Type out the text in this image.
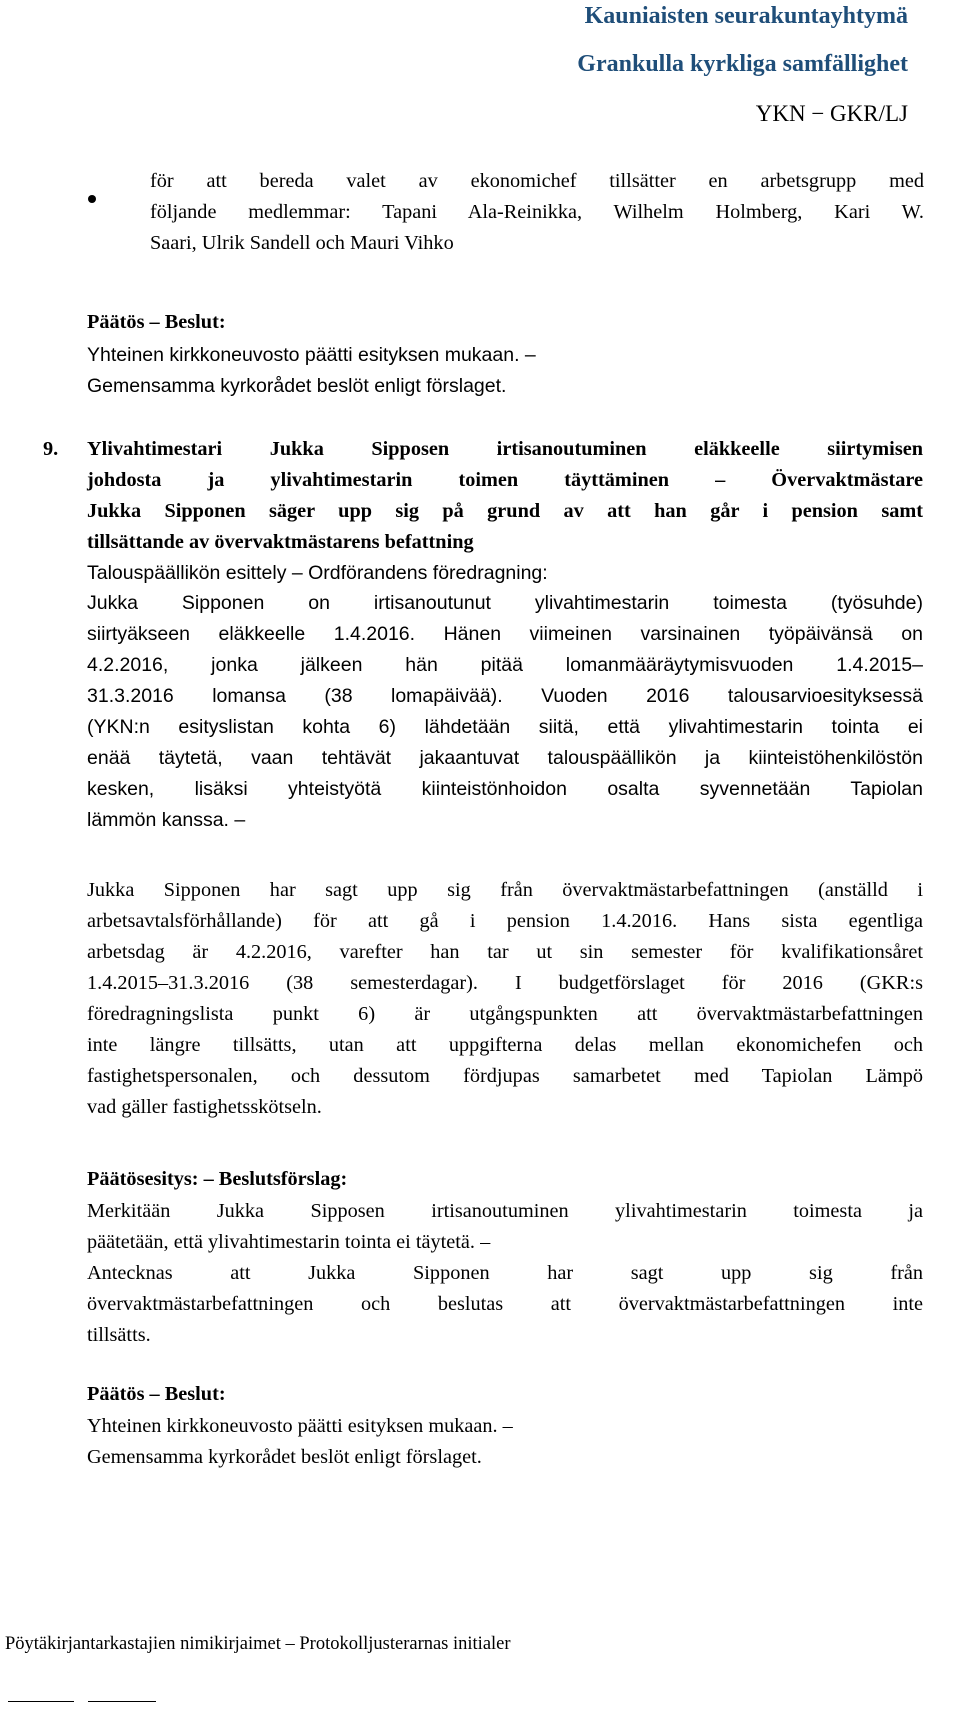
Kauniaisten seurakuntayhtymä
Grankulla kyrkliga samfällighet
YKN − GKR/LJ
för att bereda valet av ekonomichef tillsätter en arbetsgrupp med
följande medlemmar: Tapani Ala-Reinikka, Wilhelm Holmberg, Kari W.
Saari, Ulrik Sandell och Mauri Vihko
Päätös – Beslut:
Yhteinen kirkkoneuvosto päätti esityksen mukaan. –
Gemensamma kyrkorådet beslöt enligt förslaget.
9. Ylivahtimestari Jukka Sipposen irtisanoutuminen eläkkeelle siirtymisen
johdosta ja ylivahtimestarin toimen täyttäminen – Övervaktmästare
Jukka Sipponen säger upp sig på grund av att han går i pension samt
tillsättande av övervaktmästarens befattning
Talouspäällikön esittely – Ordförandens föredragning:
Jukka Sipponen on irtisanoutunut ylivahtimestarin toimesta (työsuhde)
siirtyäkseen eläkkeelle 1.4.2016. Hänen viimeinen varsinainen työpäivänsä on
4.2.2016, jonka jälkeen hän pitää lomanmääräytymisvuoden 1.4.2015–
31.3.2016 lomansa (38 lomapäivää). Vuoden 2016 talousarvioesityksessä
(YKN:n esityslistan kohta 6) lähdetään siitä, että ylivahtimestarin tointa ei
enää täytetä, vaan tehtävät jakaantuvat talouspäällikön ja kiinteistöhenkilöstön
kesken, lisäksi yhteistyötä kiinteistönhoidon osalta syvennetään Tapiolan
lämmön kanssa. –
Jukka Sipponen har sagt upp sig från övervaktmästarbefattningen (anställd i
arbetsavtalsförhållande) för att gå i pension 1.4.2016. Hans sista egentliga
arbetsdag är 4.2.2016, varefter han tar ut sin semester för kvalifikationsåret
1.4.2015–31.3.2016 (38 semesterdagar). I budgetförslaget för 2016 (GKR:s
föredragningslista punkt 6) är utgångspunkten att övervaktmästarbefattningen
inte längre tillsätts, utan att uppgifterna delas mellan ekonomichefen och
fastighetspersonalen, och dessutom fördjupas samarbetet med Tapiolan Lämpö
vad gäller fastighetsskötseln.
Päätösesitys: – Beslutsförslag:
Merkitään Jukka Sipposen irtisanoutuminen ylivahtimestarin toimesta ja
päätetään, että ylivahtimestarin tointa ei täytetä. –
Antecknas att Jukka Sipponen har sagt upp sig från
övervaktmästarbefattningen och beslutas att övervaktmästarbefattningen inte
tillsätts.
Päätös – Beslut:
Yhteinen kirkkoneuvosto päätti esityksen mukaan. –
Gemensamma kyrkorådet beslöt enligt förslaget.
Pöytäkirjantarkastajien nimikirjaimet – Protokolljusterarnas initialer
